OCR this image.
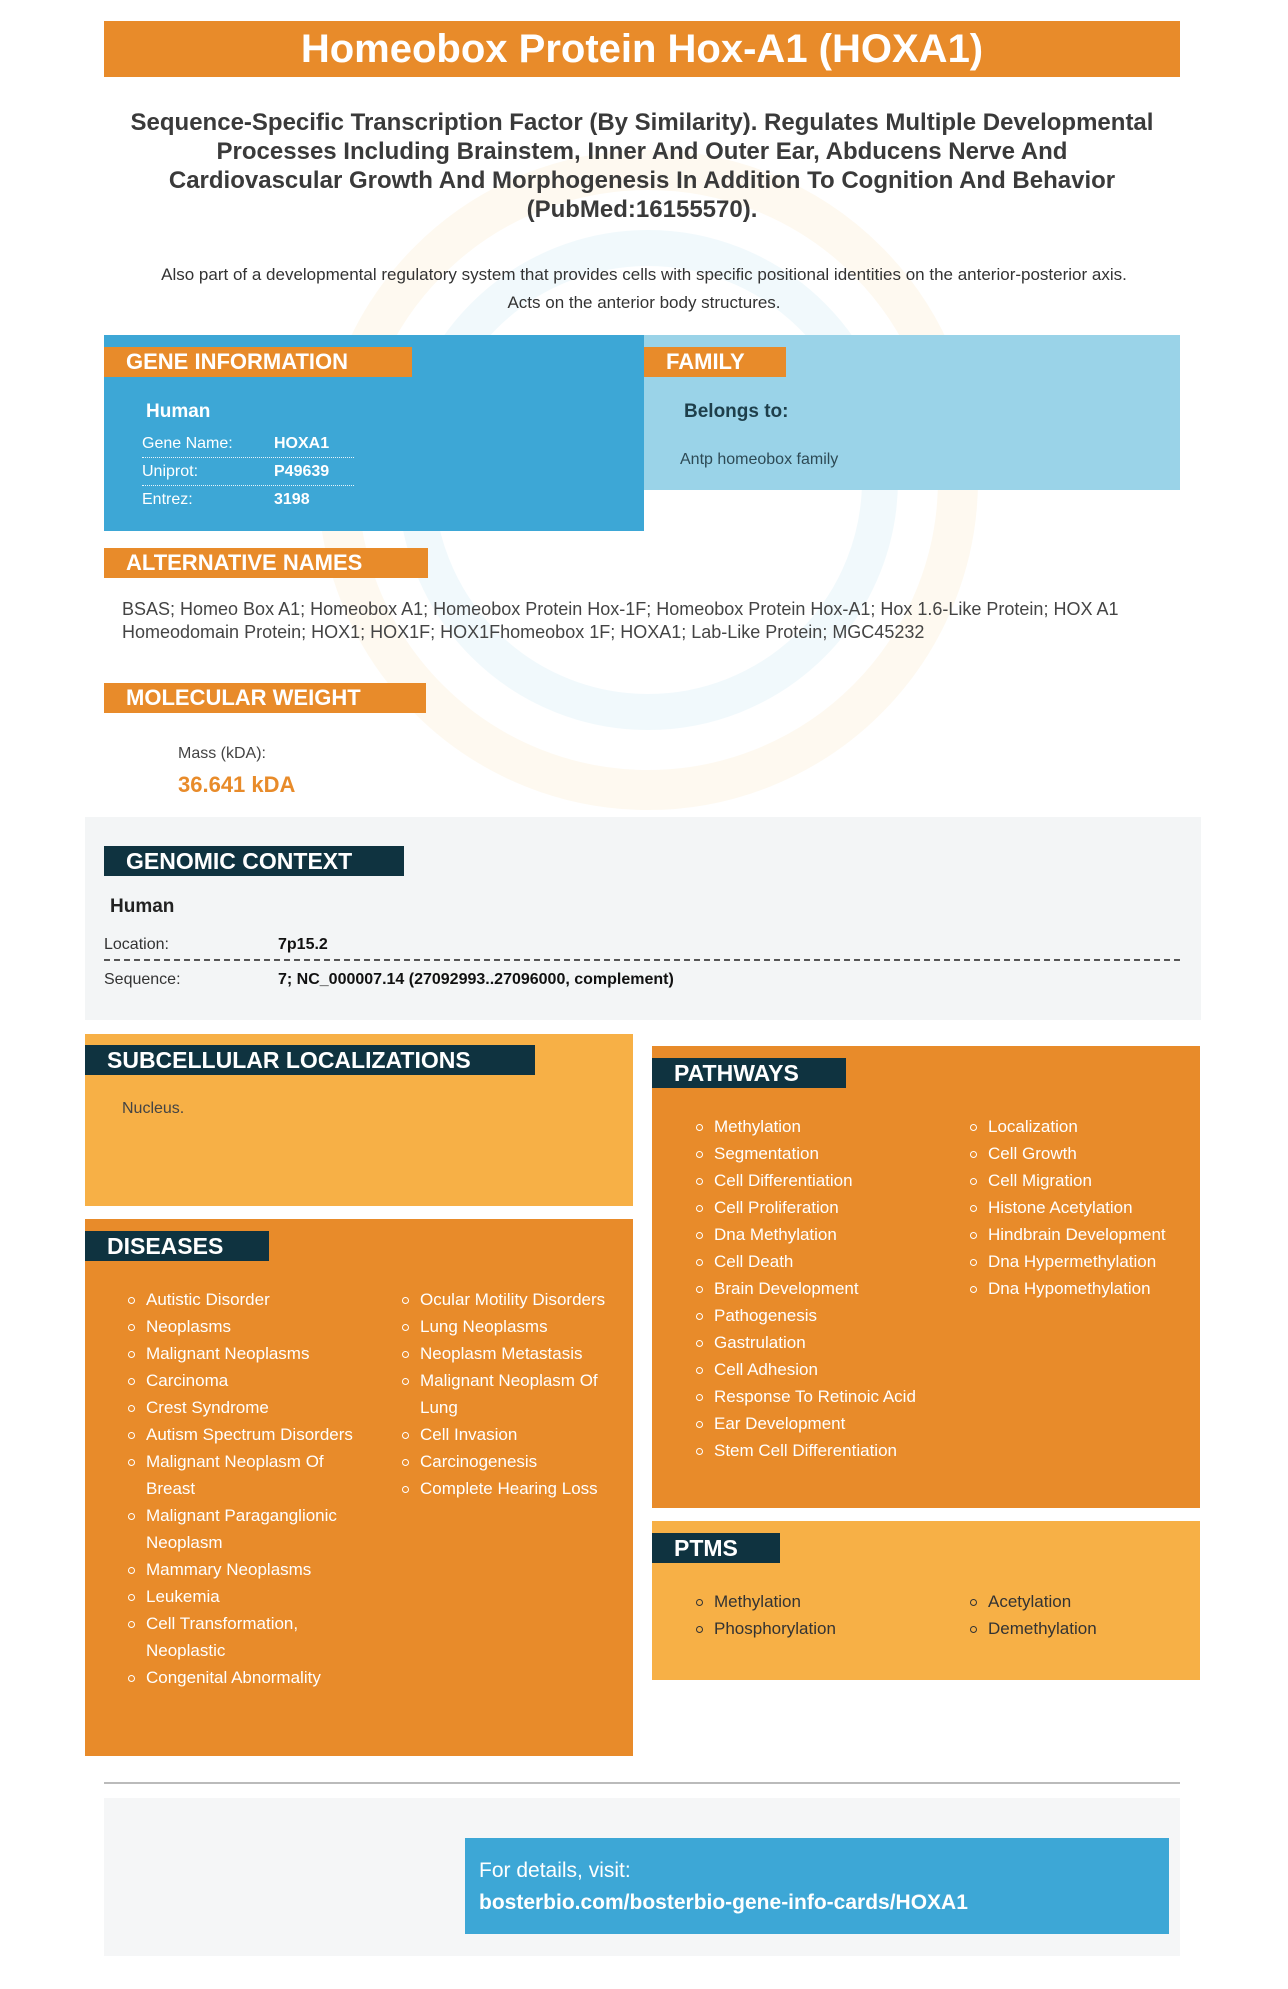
Homeobox Protein Hox-A1 (HOXA1)
Sequence-Specific Transcription Factor (By Similarity). Regulates Multiple Developmental Processes Including Brainstem, Inner And Outer Ear, Abducens Nerve And Cardiovascular Growth And Morphogenesis In Addition To Cognition And Behavior (PubMed:16155570).
Also part of a developmental regulatory system that provides cells with specific positional identities on the anterior-posterior axis. Acts on the anterior body structures.
GENE INFORMATION
Human
Gene Name:	HOXA1
Uniprot:	P49639
Entrez:	3198
FAMILY
Belongs to:
Antp homeobox family
ALTERNATIVE NAMES
BSAS; Homeo Box A1; Homeobox A1; Homeobox Protein Hox-1F; Homeobox Protein Hox-A1; Hox 1.6-Like Protein; HOX A1 Homeodomain Protein; HOX1; HOX1F; HOX1Fhomeobox 1F; HOXA1; Lab-Like Protein; MGC45232
MOLECULAR WEIGHT
Mass (kDA):
36.641 kDA
GENOMIC CONTEXT
Human
Location:	7p15.2
Sequence:	7; NC_000007.14 (27092993..27096000, complement)
SUBCELLULAR LOCALIZATIONS
Nucleus.
DISEASES
Autistic Disorder
Neoplasms
Malignant Neoplasms
Carcinoma
Crest Syndrome
Autism Spectrum Disorders
Malignant Neoplasm Of Breast
Malignant Paraganglionic Neoplasm
Mammary Neoplasms
Leukemia
Cell Transformation, Neoplastic
Congenital Abnormality
Ocular Motility Disorders
Lung Neoplasms
Neoplasm Metastasis
Malignant Neoplasm Of Lung
Cell Invasion
Carcinogenesis
Complete Hearing Loss
PATHWAYS
Methylation
Segmentation
Cell Differentiation
Cell Proliferation
Dna Methylation
Cell Death
Brain Development
Pathogenesis
Gastrulation
Cell Adhesion
Response To Retinoic Acid
Ear Development
Stem Cell Differentiation
Localization
Cell Growth
Cell Migration
Histone Acetylation
Hindbrain Development
Dna Hypermethylation
Dna Hypomethylation
PTMS
Methylation
Phosphorylation
Acetylation
Demethylation
For details, visit:
bosterbio.com/bosterbio-gene-info-cards/HOXA1
